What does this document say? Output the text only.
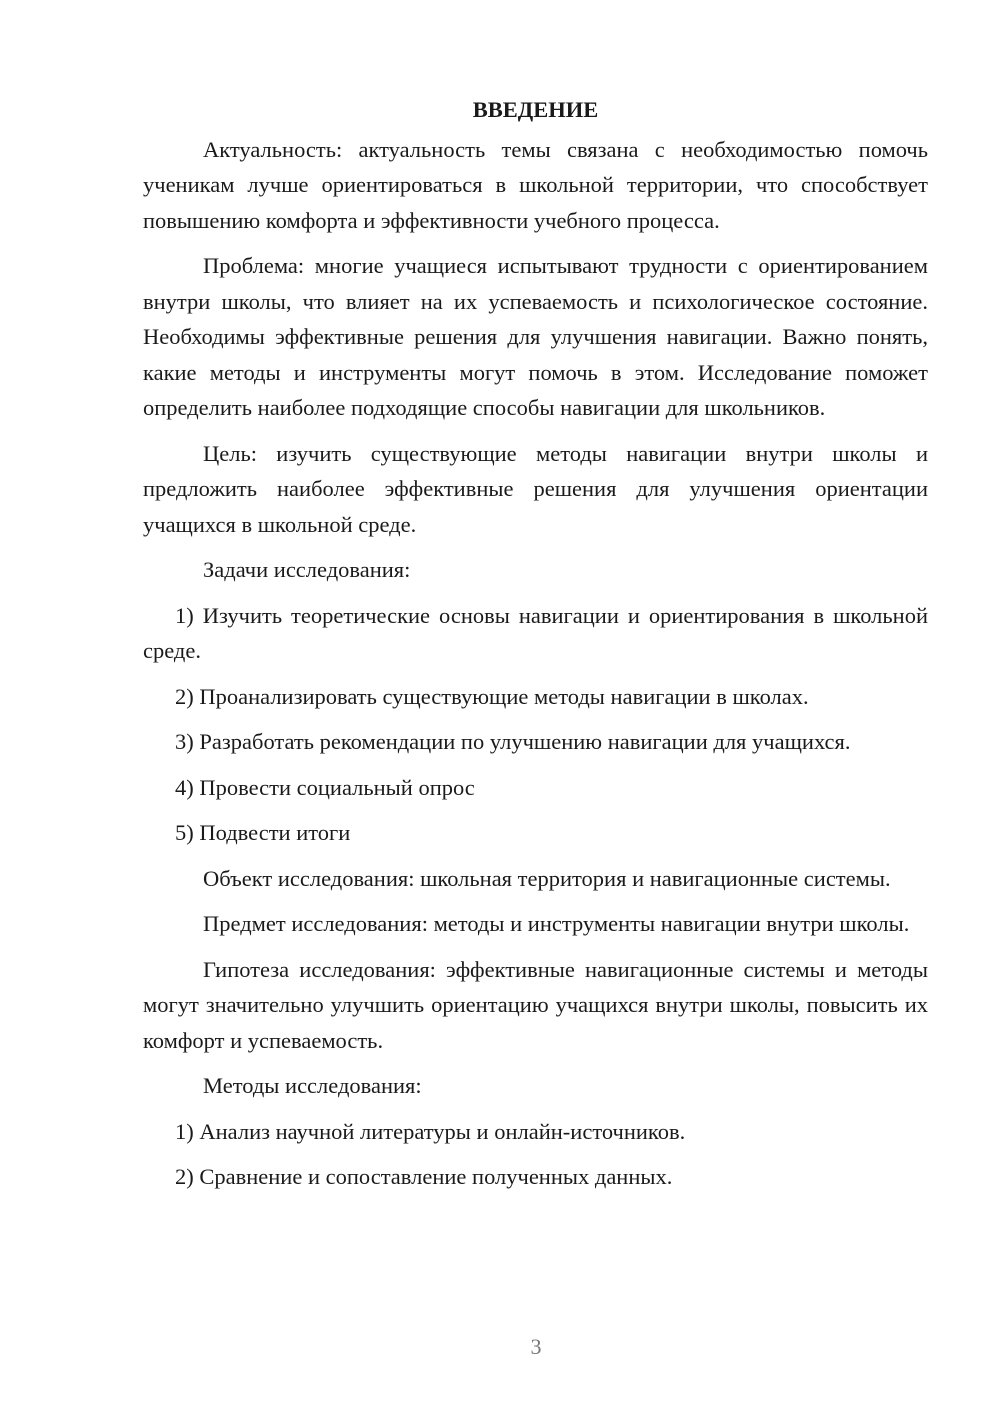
ВВЕДЕНИЕ

Актуальность: актуальность темы связана с необходимостью помочь ученикам лучше ориентироваться в школьной территории, что способствует повышению комфорта и эффективности учебного процесса.

Проблема: многие учащиеся испытывают трудности с ориентированием внутри школы, что влияет на их успеваемость и психологическое состояние. Необходимы эффективные решения для улучшения навигации. Важно понять, какие методы и инструменты могут помочь в этом. Исследование поможет определить наиболее подходящие способы навигации для школьников.

Цель: изучить существующие методы навигации внутри школы и предложить наиболее эффективные решения для улучшения ориентации учащихся в школьной среде.

Задачи исследования:

1) Изучить теоретические основы навигации и ориентирования в школьной среде.

2) Проанализировать существующие методы навигации в школах.

3) Разработать рекомендации по улучшению навигации для учащихся.

4) Провести социальный опрос

5) Подвести итоги

Объект исследования: школьная территория и навигационные системы.

Предмет исследования: методы и инструменты навигации внутри школы.

Гипотеза исследования: эффективные навигационные системы и методы могут значительно улучшить ориентацию учащихся внутри школы, повысить их комфорт и успеваемость.

Методы исследования:

1) Анализ научной литературы и онлайн-источников.

2) Сравнение и сопоставление полученных данных.

3
